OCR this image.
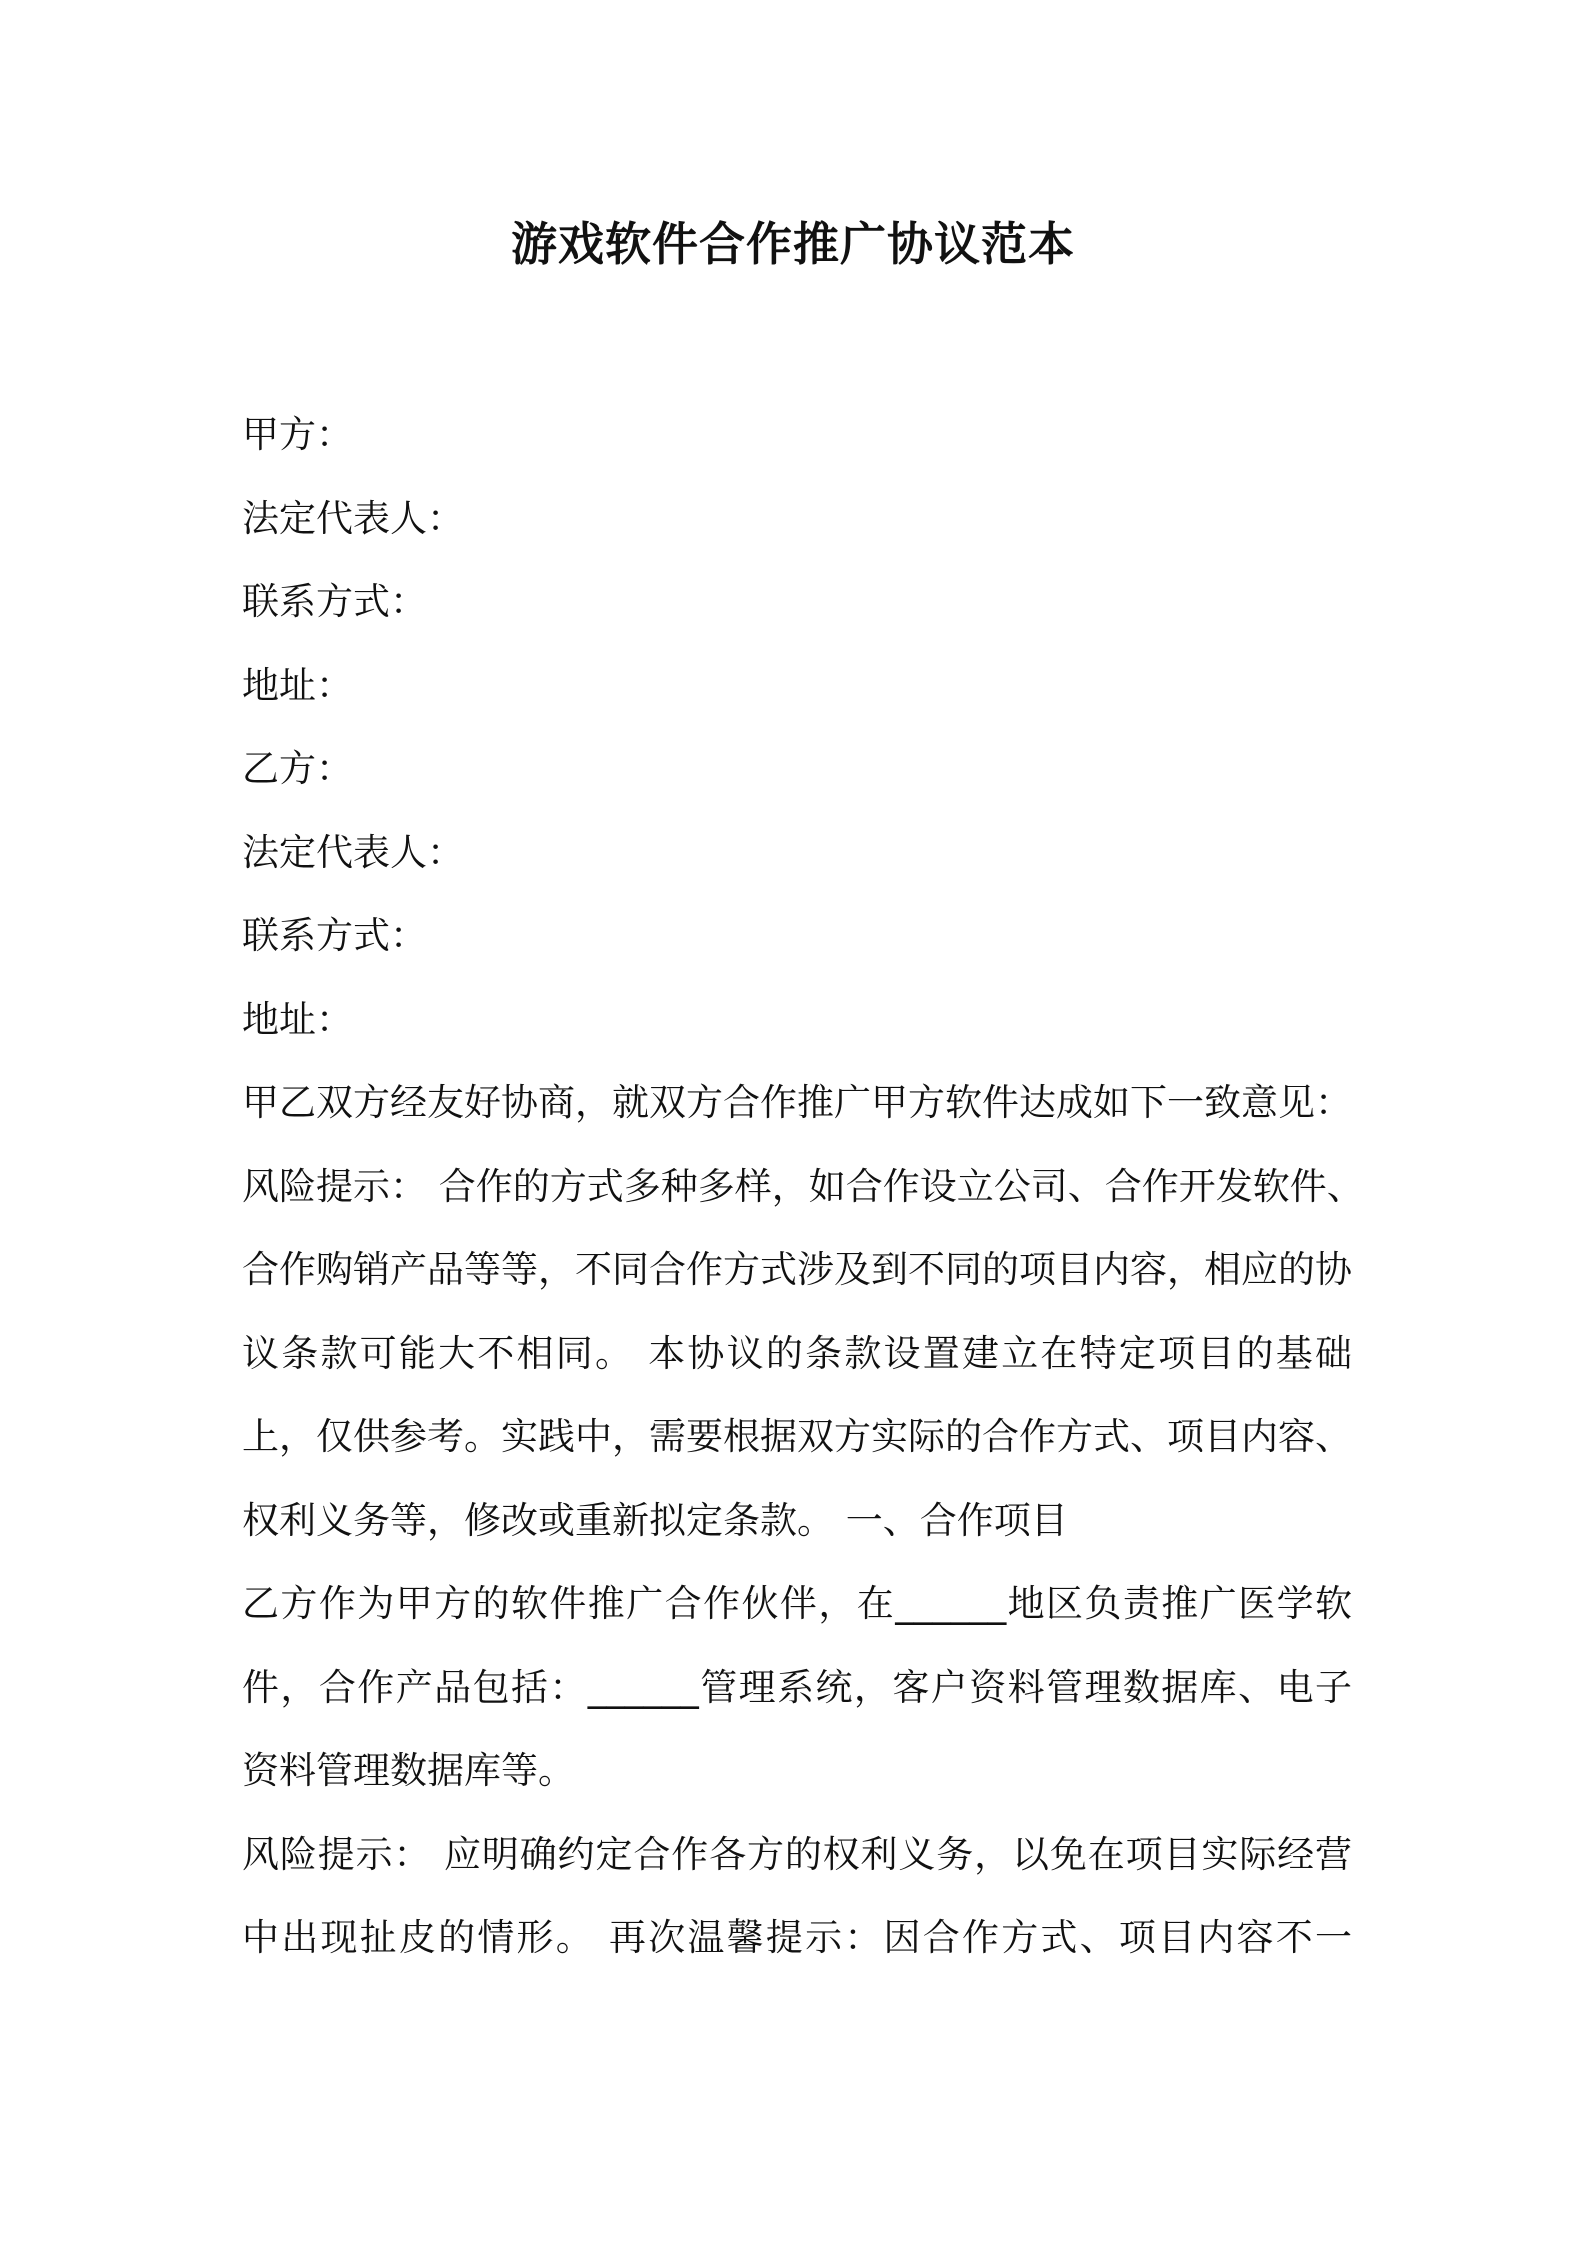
游戏软件合作推广协议范本
甲方：
法定代表人：
联系方式：
地址：
乙方：
法定代表人：
联系方式：
地址：
甲乙双方经友好协商，就双方合作推广甲方软件达成如下一致意见：
风险提示： 合作的方式多种多样，如合作设立公司、合作开发软件、
合作购销产品等等，不同合作方式涉及到不同的项目内容，相应的协
议条款可能大不相同。 本协议的条款设置建立在特定项目的基础
上，仅供参考。实践中，需要根据双方实际的合作方式、项目内容、
权利义务等，修改或重新拟定条款。 一、合作项目
乙方作为甲方的软件推广合作伙伴，在______地区负责推广医学软
件，合作产品包括：______管理系统，客户资料管理数据库、电子
资料管理数据库等。
风险提示： 应明确约定合作各方的权利义务，以免在项目实际经营
中出现扯皮的情形。 再次温馨提示：因合作方式、项目内容不一
